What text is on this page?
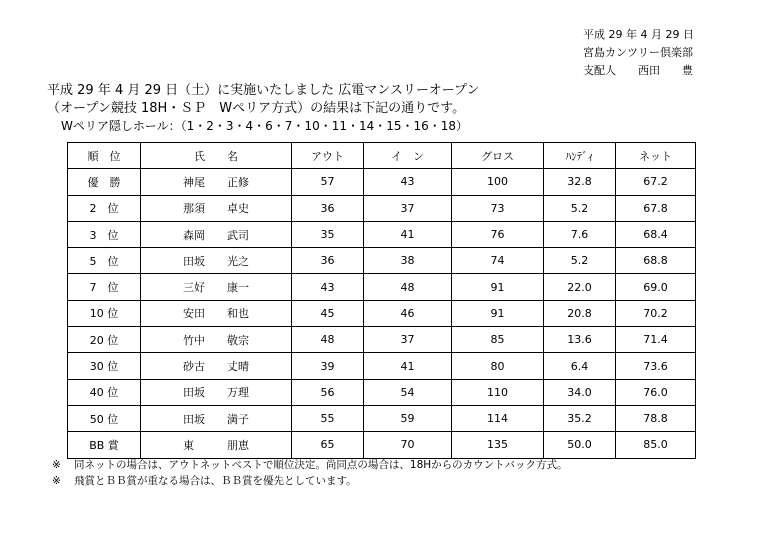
平成 29 年 4 月 29 日
宮島カンツリー倶楽部
支配人　　西田　　豊
平成 29 年 4 月 29 日（土）に実施いたしました 広電マンスリーオープン
（オープン競技 18H・ＳＰ　Wペリア方式）の結果は下記の通りです。
Wペリア隠しホール：（1・2・3・4・6・7・10・11・14・15・16・18）
順　位	氏　　名	アウト	イ　ン	グロス	ﾊﾝﾃﾞｨ	ネット
優　勝	神尾　　正修	57	43	100	32.8	67.2
2　位	那須　　卓史	36	37	73	5.2	67.8
3　位	森岡　　武司	35	41	76	7.6	68.4
5　位	田坂　　光之	36	38	74	5.2	68.8
7　位	三好　　康一	43	48	91	22.0	69.0
10 位	安田　　和也	45	46	91	20.8	70.2
20 位	竹中　　敬宗	48	37	85	13.6	71.4
30 位	砂古　　丈晴	39	41	80	6.4	73.6
40 位	田坂　　万理	56	54	110	34.0	76.0
50 位	田坂　　満子	55	59	114	35.2	78.8
BB 賞	東　　　朋恵	65	70	135	50.0	85.0
※ 同ネットの場合は、アウトネットベストで順位決定。尚同点の場合は、18Hからのカウントバック方式。
※ 飛賞とＢＢ賞が重なる場合は、ＢＢ賞を優先としています。
